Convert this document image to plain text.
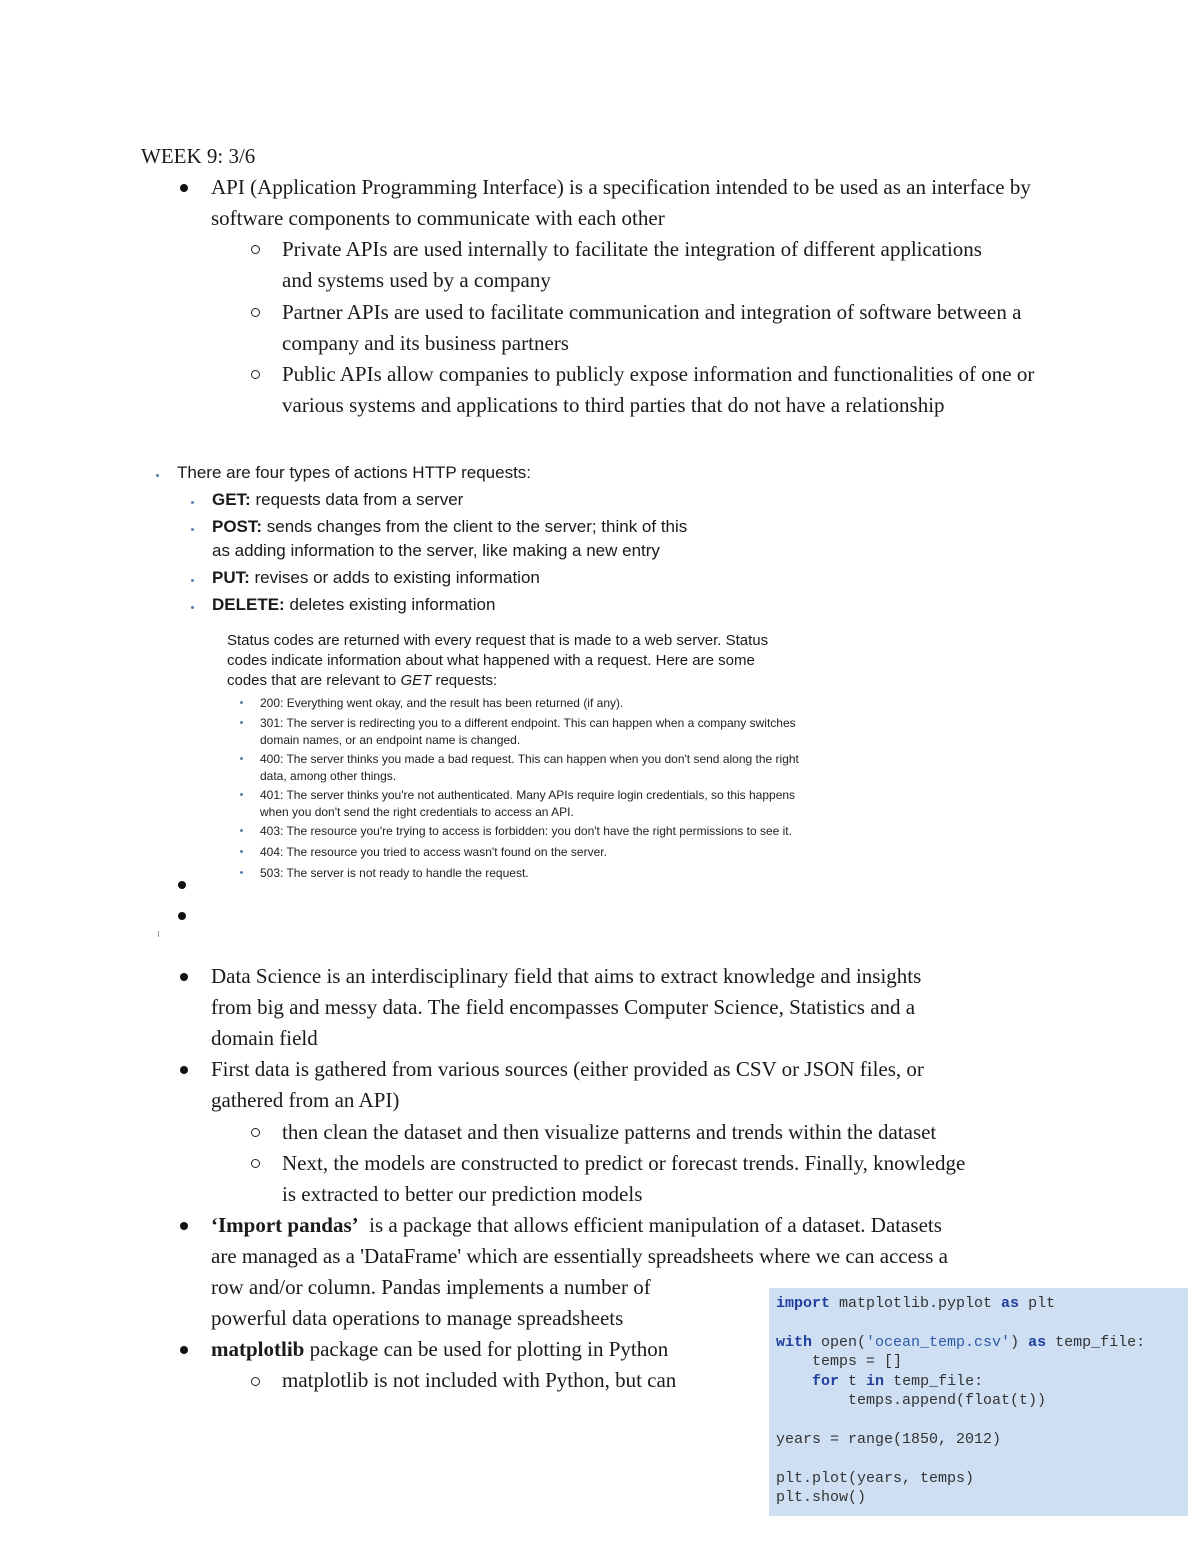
WEEK 9: 3/6
API (Application Programming Interface) is a specification intended to be used as an interface by software components to communicate with each other
Private APIs are used internally to facilitate the integration of different applications and systems used by a company
Partner APIs are used to facilitate communication and integration of software between a company and its business partners
Public APIs allow companies to publicly expose information and functionalities of one or various systems and applications to third parties that do not have a relationship
There are four types of actions HTTP requests:
GET: requests data from a server
POST: sends changes from the client to the server; think of this
as adding information to the server, like making a new entry
PUT: revises or adds to existing information
DELETE: deletes existing information
Status codes are returned with every request that is made to a web server. Status
codes indicate information about what happened with a request. Here are some
codes that are relevant to GET requests:
200: Everything went okay, and the result has been returned (if any).
301: The server is redirecting you to a different endpoint. This can happen when a company switches
domain names, or an endpoint name is changed.
400: The server thinks you made a bad request. This can happen when you don't send along the right
data, among other things.
401: The server thinks you're not authenticated. Many APIs require login credentials, so this happens
when you don't send the right credentials to access an API.
403: The resource you're trying to access is forbidden: you don't have the right permissions to see it.
404: The resource you tried to access wasn't found on the server.
503: The server is not ready to handle the request.
Data Science is an interdisciplinary field that aims to extract knowledge and insights
from big and messy data. The field encompasses Computer Science, Statistics and a
domain field
First data is gathered from various sources (either provided as CSV or JSON files, or
gathered from an API)
then clean the dataset and then visualize patterns and trends within the dataset
Next, the models are constructed to predict or forecast trends. Finally, knowledge
is extracted to better our prediction models
‘Import pandas’  is a package that allows efficient manipulation of a dataset. Datasets
are managed as a 'DataFrame' which are essentially spreadsheets where we can access a
row and/or column. Pandas implements a number of
powerful data operations to manage spreadsheets
matplotlib package can be used for plotting in Python
matplotlib is not included with Python, but can
import matplotlib.pyplot as plt
with open('ocean_temp.csv') as temp_file:
temps = []
for t in temp_file:
temps.append(float(t))
years = range(1850, 2012)
plt.plot(years, temps)
plt.show()
